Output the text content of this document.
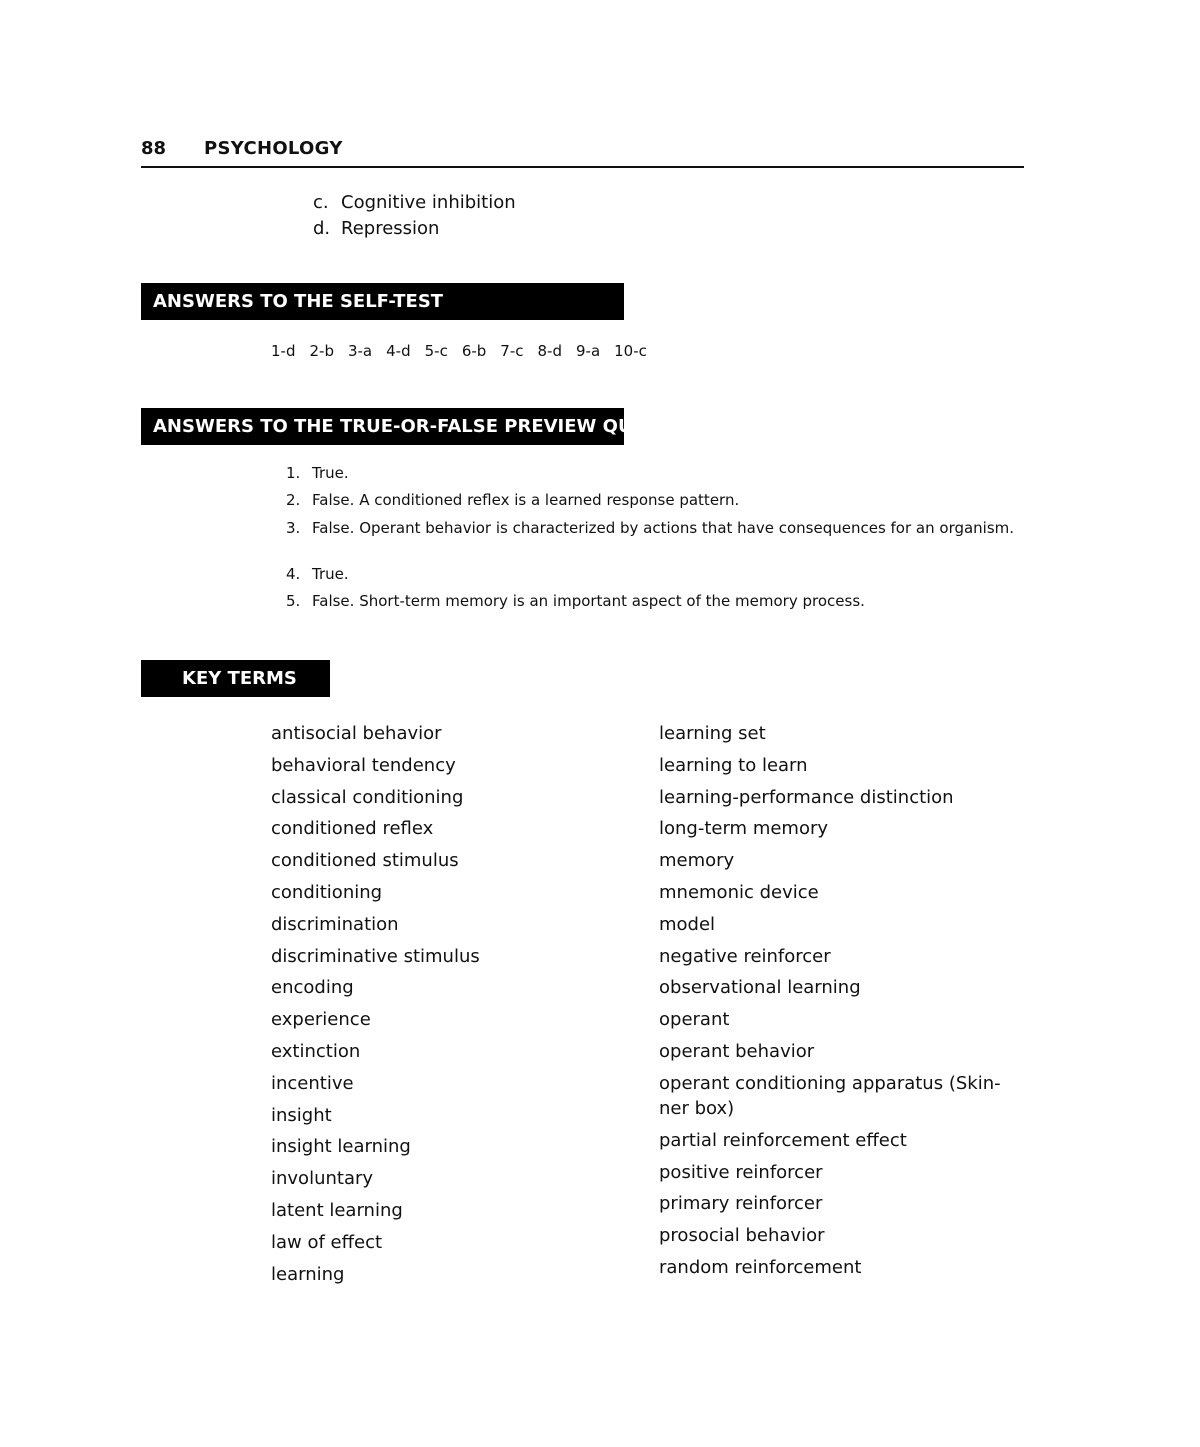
88 PSYCHOLOGY
c. Cognitive inhibition
d. Repression
ANSWERS TO THE SELF-TEST
1-d 2-b 3-a 4-d 5-c 6-b 7-c 8-d 9-a 10-c
ANSWERS TO THE TRUE-OR-FALSE PREVIEW QUIZ
1. True.
2. False. A conditioned reflex is a learned response pattern.
3. False. Operant behavior is characterized by actions that have consequences for an organism.
4. True.
5. False. Short-term memory is an important aspect of the memory process.
KEY TERMS
antisocial behavior
behavioral tendency
classical conditioning
conditioned reflex
conditioned stimulus
conditioning
discrimination
discriminative stimulus
encoding
experience
extinction
incentive
insight
insight learning
involuntary
latent learning
law of effect
learning
learning set
learning to learn
learning-performance distinction
long-term memory
memory
mnemonic device
model
negative reinforcer
observational learning
operant
operant behavior
operant conditioning apparatus (Skin- ner box)
partial reinforcement effect
positive reinforcer
primary reinforcer
prosocial behavior
random reinforcement
